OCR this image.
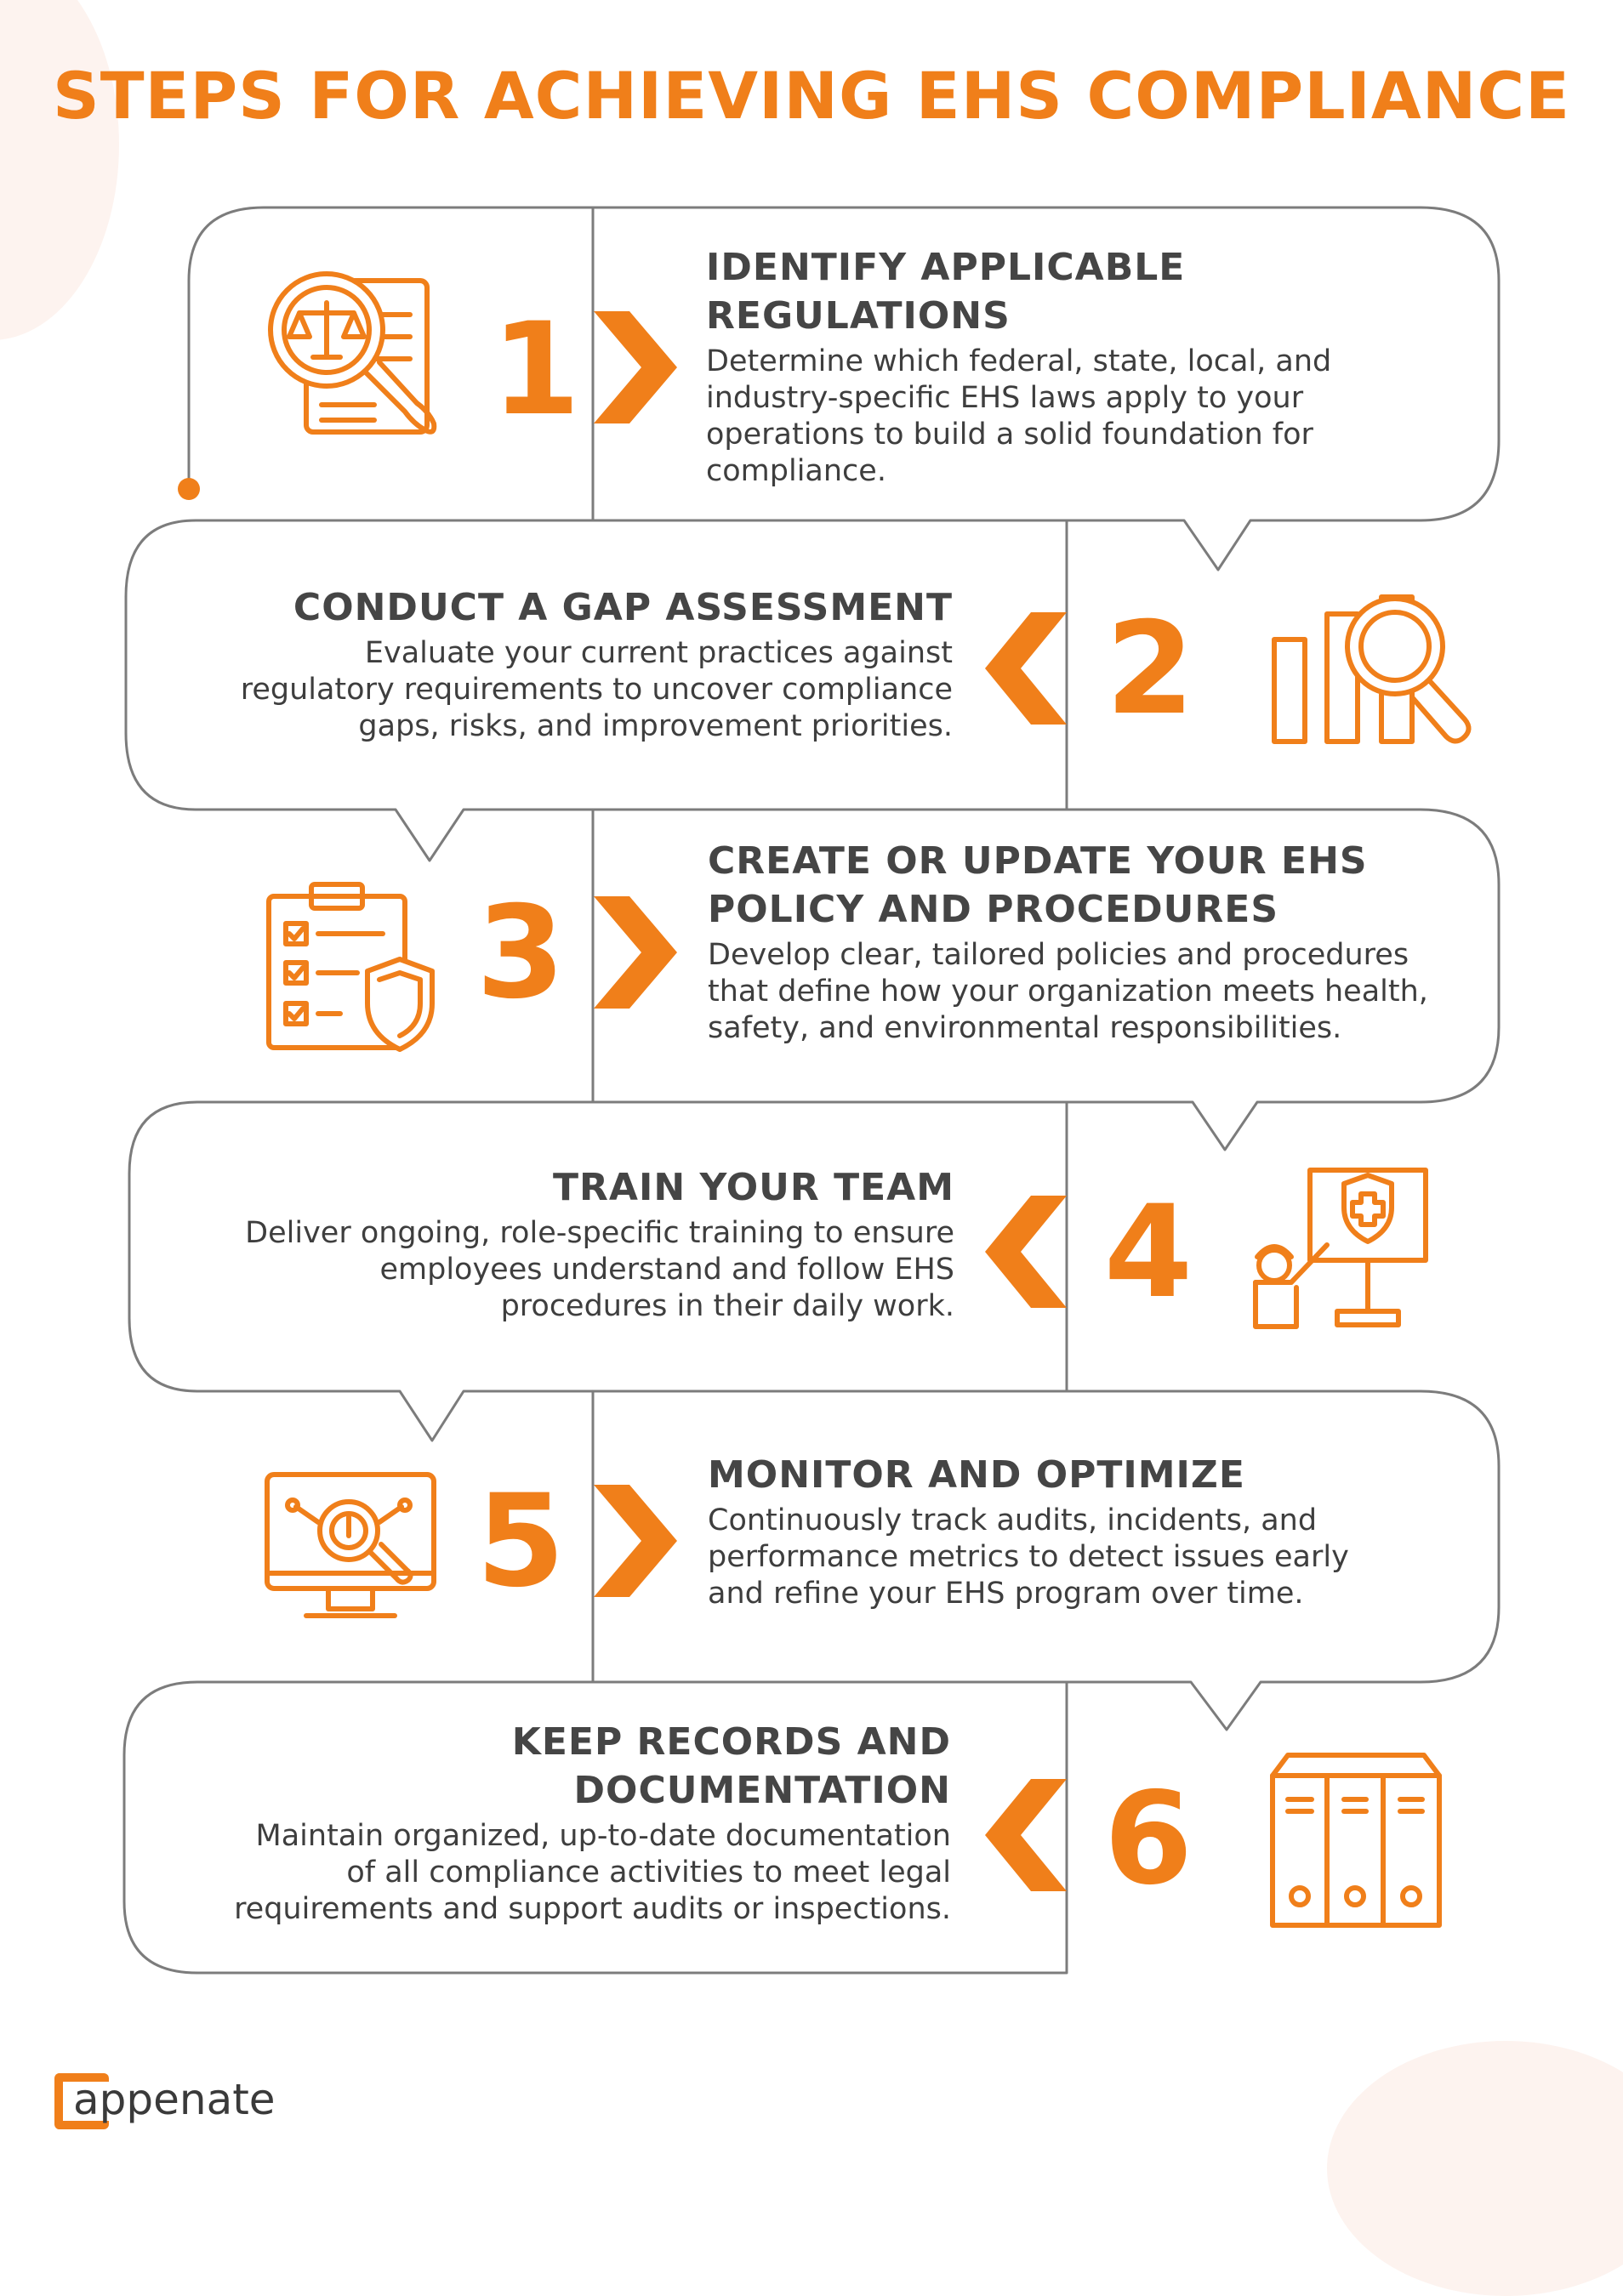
STEPS FOR ACHIEVING EHS COMPLIANCE
1
2
3
4
5
6

IDENTIFY APPLICABLE
REGULATIONS

Determine which federal, state, local, and
industry-specific EHS laws apply to your
operations to build a solid foundation for
compliance.

CONDUCT A GAP ASSESSMENT

Evaluate your current practices against
regulatory requirements to uncover compliance
gaps, risks, and improvement priorities.

CREATE OR UPDATE YOUR EHS
POLICY AND PROCEDURES

Develop clear, tailored policies and procedures
that define how your organization meets health,
safety, and environmental responsibilities.

TRAIN YOUR TEAM

Deliver ongoing, role-specific training to ensure
employees understand and follow EHS
procedures in their daily work.

MONITOR AND OPTIMIZE

Continuously track audits, incidents, and
performance metrics to detect issues early
and refine your EHS program over time.

KEEP RECORDS AND
DOCUMENTATION

Maintain organized, up-to-date documentation
of all compliance activities to meet legal
requirements and support audits or inspections.

appenate
